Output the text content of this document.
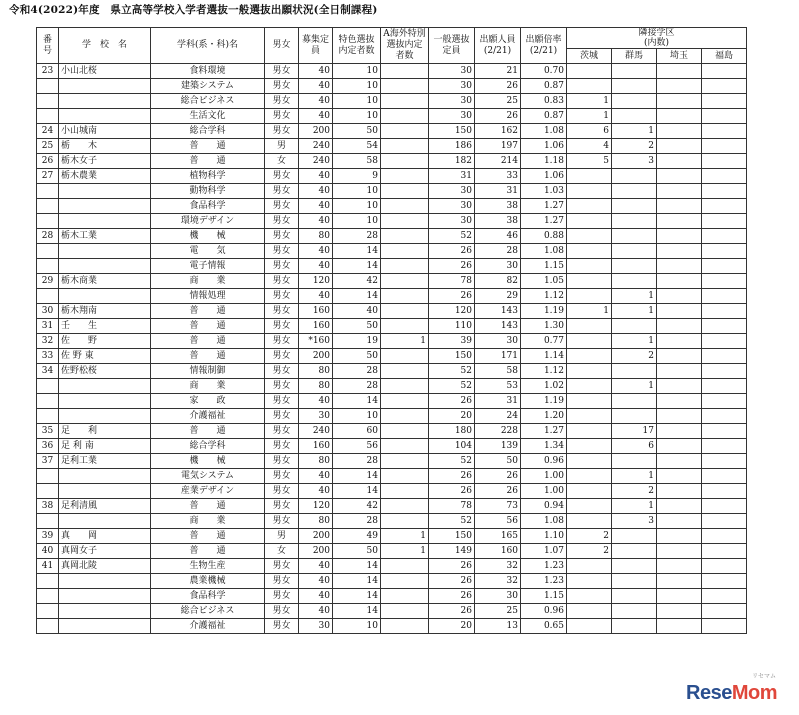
令和4(2022)年度　県立高等学校入学者選抜一般選抜出願状況(全日制課程)
番号	学　校　名	学科(系・科)名	男女	募集定員	特色選抜内定者数	A海外特別選抜内定者数	一般選抜定員	出願人員(2/21)	出願倍率(2/21)	隣接学区
(内数)			
										茨城	群馬	埼玉	福島
23	小山北桜	食料環境	男女	40	10		30	21	0.70				
		建築システム	男女	40	10		30	26	0.87				
		総合ビジネス	男女	40	10		30	25	0.83	1			
		生活文化	男女	40	10		30	26	0.87	1			
24	小山城南	総合学科	男女	200	50		150	162	1.08	6	1		
25	栃　　木	普　　通	男	240	54		186	197	1.06	4	2		
26	栃木女子	普　　通	女	240	58		182	214	1.18	5	3		
27	栃木農業	植物科学	男女	40	9		31	33	1.06				
		動物科学	男女	40	10		30	31	1.03				
		食品科学	男女	40	10		30	38	1.27				
		環境デザイン	男女	40	10		30	38	1.27				
28	栃木工業	機　　械	男女	80	28		52	46	0.88				
		電　　気	男女	40	14		26	28	1.08				
		電子情報	男女	40	14		26	30	1.15				
29	栃木商業	商　　業	男女	120	42		78	82	1.05				
		情報処理	男女	40	14		26	29	1.12		1		
30	栃木翔南	普　　通	男女	160	40		120	143	1.19	1	1		
31	壬　　生	普　　通	男女	160	50		110	143	1.30				
32	佐　　野	普　　通	男女	*160	19	1	39	30	0.77		1		
33	佐 野 東	普　　通	男女	200	50		150	171	1.14		2		
34	佐野松桜	情報制御	男女	80	28		52	58	1.12				
		商　　業	男女	80	28		52	53	1.02		1		
		家　　政	男女	40	14		26	31	1.19				
		介護福祉	男女	30	10		20	24	1.20				
35	足　　利	普　　通	男女	240	60		180	228	1.27		17		
36	足 利 南	総合学科	男女	160	56		104	139	1.34		6		
37	足利工業	機　　械	男女	80	28		52	50	0.96				
		電気システム	男女	40	14		26	26	1.00		1		
		産業デザイン	男女	40	14		26	26	1.00		2		
38	足利清風	普　　通	男女	120	42		78	73	0.94		1		
		商　　業	男女	80	28		52	56	1.08		3		
39	真　　岡	普　　通	男	200	49	1	150	165	1.10	2			
40	真岡女子	普　　通	女	200	50	1	149	160	1.07	2			
41	真岡北陵	生物生産	男女	40	14		26	32	1.23				
		農業機械	男女	40	14		26	32	1.23				
		食品科学	男女	40	14		26	30	1.15				
		総合ビジネス	男女	40	14		26	25	0.96				
		介護福祉	男女	30	10		20	13	0.65				
リセマム
ReseMom
